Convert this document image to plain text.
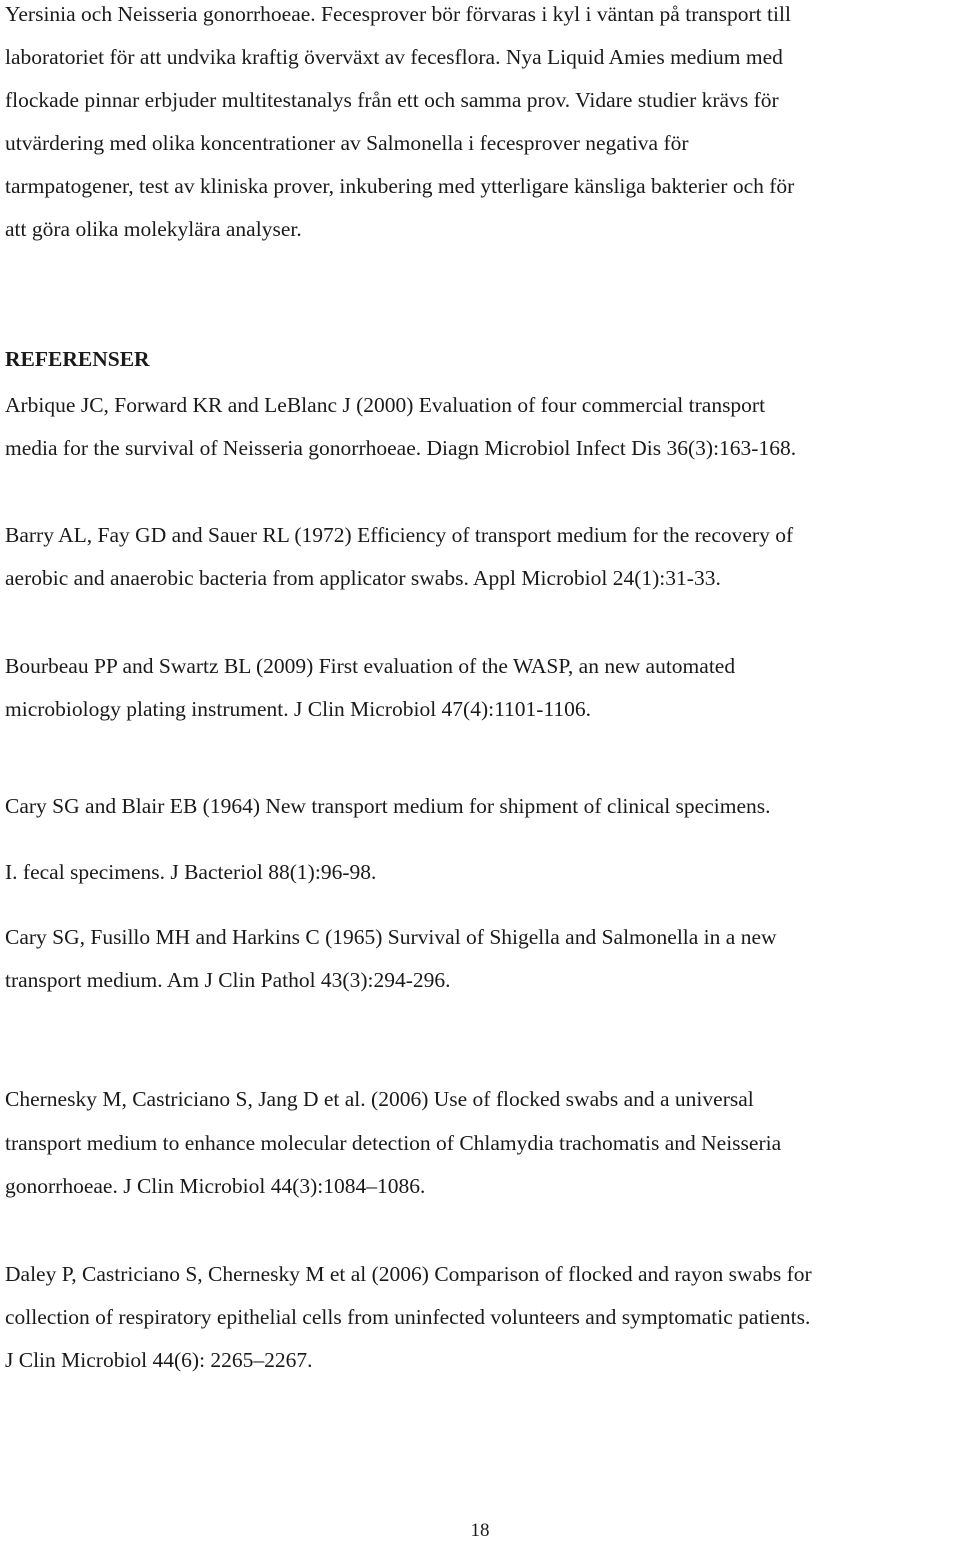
Yersinia och Neisseria gonorrhoeae. Fecesprover bör förvaras i kyl i väntan på transport till
laboratoriet för att undvika kraftig överväxt av fecesflora. Nya Liquid Amies medium med
flockade pinnar erbjuder multitestanalys från ett och samma prov. Vidare studier krävs för
utvärdering med olika koncentrationer av Salmonella i fecesprover negativa för
tarmpatogener, test av kliniska prover, inkubering med ytterligare känsliga bakterier och för
att göra olika molekylära analyser.
REFERENSER
Arbique JC, Forward KR and LeBlanc J (2000) Evaluation of four commercial transport
media for the survival of Neisseria gonorrhoeae. Diagn Microbiol Infect Dis 36(3):163-168.
Barry AL, Fay GD and Sauer RL (1972) Efficiency of transport medium for the recovery of
aerobic and anaerobic bacteria from applicator swabs. Appl Microbiol 24(1):31-33.
Bourbeau PP and Swartz BL (2009) First evaluation of the WASP, an new automated
microbiology plating instrument. J Clin Microbiol 47(4):1101-1106.
Cary SG and Blair EB (1964) New transport medium for shipment of clinical specimens.
I. fecal specimens. J Bacteriol 88(1):96-98.
Cary SG, Fusillo MH and Harkins C (1965) Survival of Shigella and Salmonella in a new
transport medium. Am J Clin Pathol 43(3):294-296.
Chernesky M, Castriciano S, Jang D et al. (2006) Use of flocked swabs and a universal
transport medium to enhance molecular detection of Chlamydia trachomatis and Neisseria
gonorrhoeae. J Clin Microbiol 44(3):1084–1086.
Daley P, Castriciano S, Chernesky M et al (2006) Comparison of flocked and rayon swabs for
collection of respiratory epithelial cells from uninfected volunteers and symptomatic patients.
J Clin Microbiol 44(6): 2265–2267.
18
